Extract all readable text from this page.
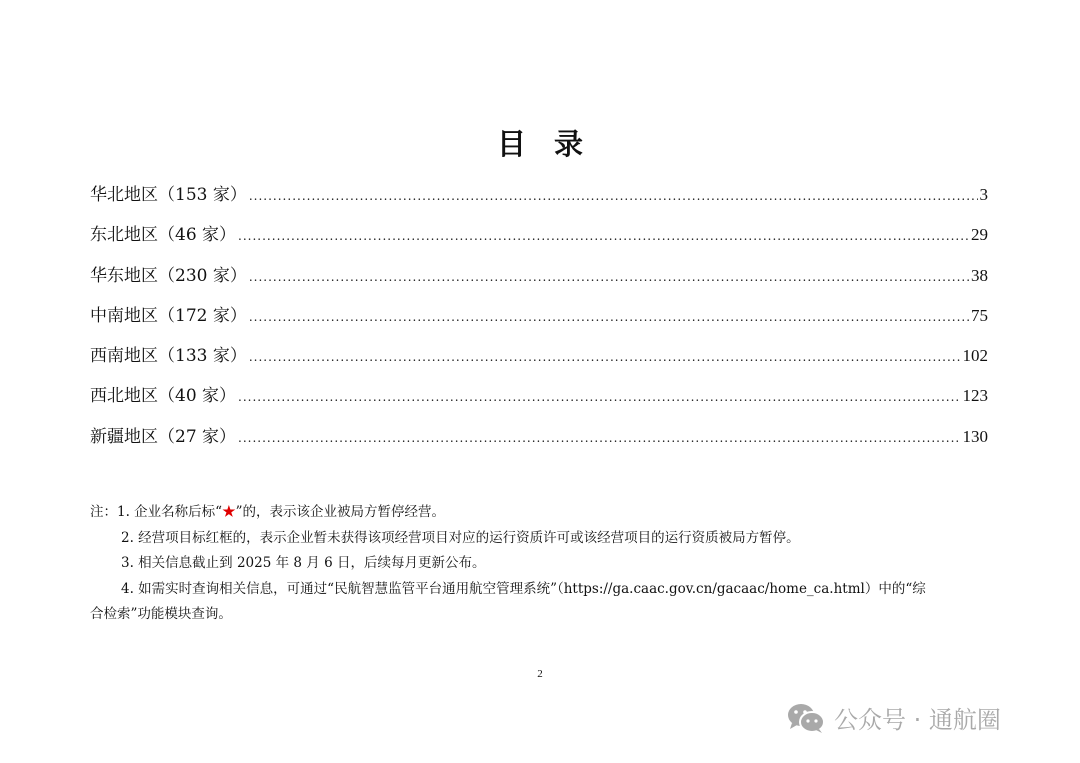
目录
华北地区（153 家） .....	3
东北地区（46 家） .....	29
华东地区（230 家） .....	38
中南地区（172 家） .....	75
西南地区（133 家） .....	102
西北地区（40 家） .....	123
新疆地区（27 家） .....	130

注：1. 企业名称后标“★”的，表示该企业被局方暂停经营。

2. 经营项目标红框的，表示企业暂未获得该项经营项目对应的运行资质许可或该经营项目的运行资质被局方暂停。

3. 相关信息截止到 2025 年 8 月 6 日，后续每月更新公布。

4. 如需实时查询相关信息，可通过“民航智慧监管平台通用航空管理系统”（https://ga.caac.gov.cn/gacaac/home_ca.html）中的“综

合检索”功能模块查询。

2
公众号 · 通航圈
